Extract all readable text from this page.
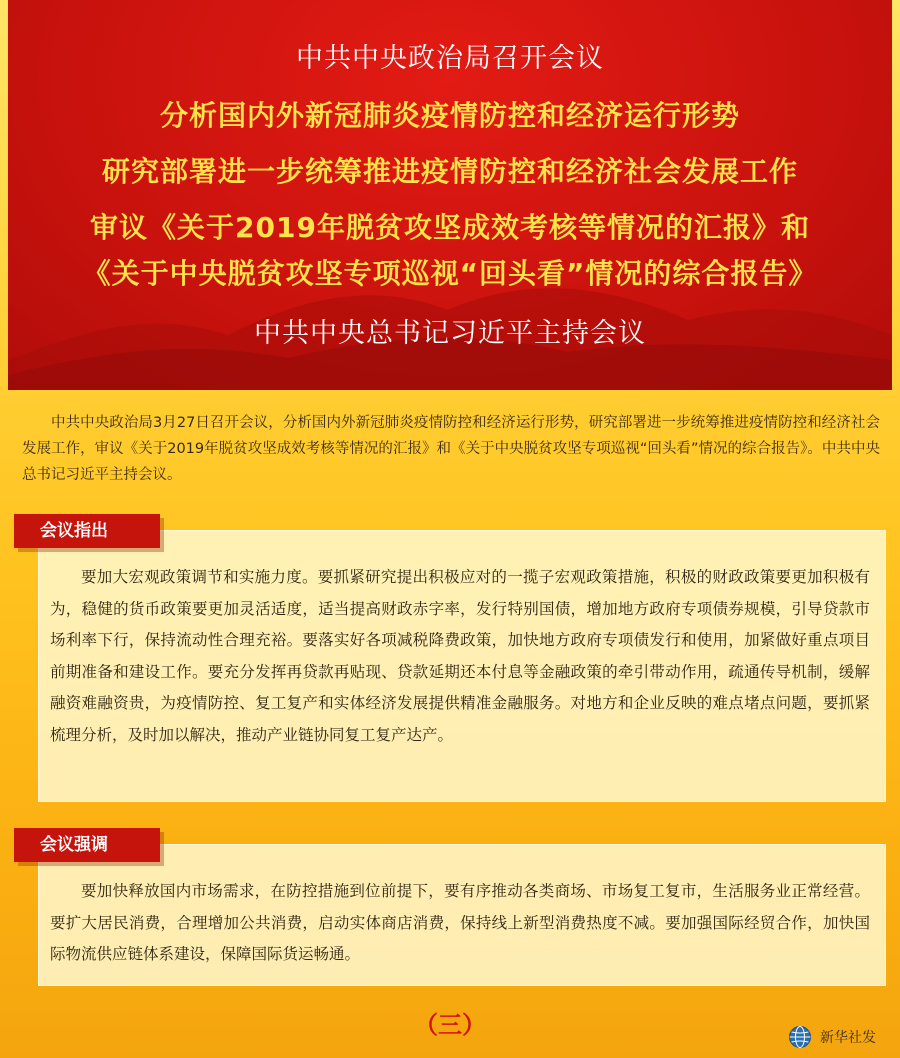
中共中央政治局召开会议
分析国内外新冠肺炎疫情防控和经济运行形势
研究部署进一步统筹推进疫情防控和经济社会发展工作
审议《关于2019年脱贫攻坚成效考核等情况的汇报》和
《关于中央脱贫攻坚专项巡视“回头看”情况的综合报告》
中共中央总书记习近平主持会议
中共中央政治局3月27日召开会议，分析国内外新冠肺炎疫情防控和经济运行形势，研究部署进一步统筹推进疫情防控和经济社会发展工作，审议《关于2019年脱贫攻坚成效考核等情况的汇报》和《关于中央脱贫攻坚专项巡视“回头看”情况的综合报告》。中共中央总书记习近平主持会议。
会议指出
要加大宏观政策调节和实施力度。要抓紧研究提出积极应对的一揽子宏观政策措施，积极的财政政策要更加积极有为，稳健的货币政策要更加灵活适度，适当提高财政赤字率，发行特别国债，增加地方政府专项债券规模，引导贷款市场利率下行，保持流动性合理充裕。要落实好各项减税降费政策，加快地方政府专项债发行和使用，加紧做好重点项目前期准备和建设工作。要充分发挥再贷款再贴现、贷款延期还本付息等金融政策的牵引带动作用，疏通传导机制，缓解融资难融资贵，为疫情防控、复工复产和实体经济发展提供精准金融服务。对地方和企业反映的难点堵点问题，要抓紧梳理分析，及时加以解决，推动产业链协同复工复产达产。
会议强调
要加快释放国内市场需求，在防控措施到位前提下，要有序推动各类商场、市场复工复市，生活服务业正常经营。要扩大居民消费，合理增加公共消费，启动实体商店消费，保持线上新型消费热度不减。要加强国际经贸合作，加快国际物流供应链体系建设，保障国际货运畅通。
（三）	新华社发
